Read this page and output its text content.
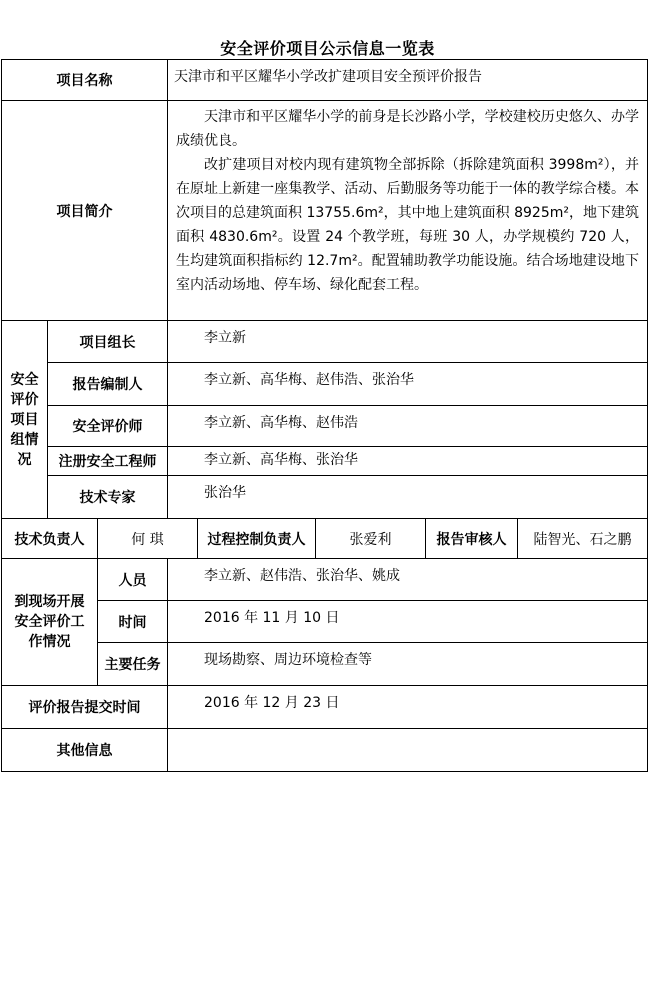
安全评价项目公示信息一览表
项目名称			天津市和平区耀华小学改扩建项目安全预评价报告				
项目简介			天津市和平区耀华小学的前身是长沙路小学，学校建校历史悠久、办学成绩优良。

改扩建项目对校内现有建筑物全部拆除（拆除建筑面积 3998m²），并在原址上新建一座集教学、活动、后勤服务等功能于一体的教学综合楼。本次项目的总建筑面积 13755.6m²，其中地上建筑面积 8925m²，地下建筑面积 4830.6m²。设置 24 个教学班，每班 30 人，办学规模约 720 人，生均建筑面积指标约 12.7m²。配置辅助教学功能设施。结合场地建设地下室内活动场地、停车场、绿化配套工程。				

安全评价项目组情况	项目组长		李立新				
	报告编制人		李立新、高华梅、赵伟浩、张治华				
	安全评价师		李立新、高华梅、赵伟浩				
	注册安全工程师		李立新、高华梅、张治华				
	技术专家		张治华				
技术负责人		何 琪		过程控制负责人	张爱利	报告审核人	陆智光、石之鹏
到现场开展安全评价工作情况		人员	李立新、赵伟浩、张治华、姚成				
		时间	2016 年 11 月 10 日				
		主要任务	现场勘察、周边环境检查等				
评价报告提交时间			2016 年 12 月 23 日				
其他信息							
